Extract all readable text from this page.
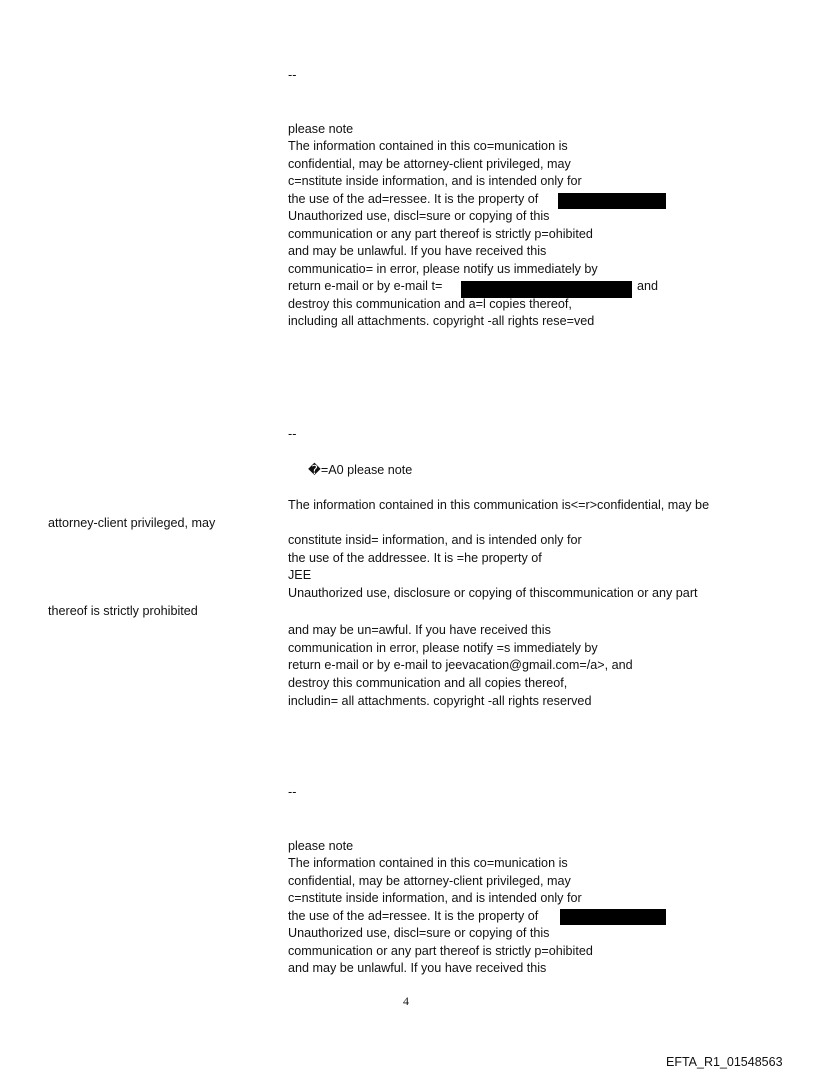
--
please note
The information contained in this co=munication is
confidential, may be attorney-client privileged, may
c=nstitute inside information, and is intended only for
the use of the ad=ressee. It is the property of
Unauthorized use, discl=sure or copying of this
communication or any part thereof is strictly p=ohibited
and may be unlawful. If you have received this
communicatio= in error, please notify us immediately by
return e-mail or by e-mail t=	and
destroy this communication and a=l copies thereof,
including all attachments. copyright -all rights rese=ved
--
�=A0 please note
The information contained in this communication is<=r>confidential, may be
attorney-client privileged, may
constitute insid= information, and is intended only for
the use of the addressee. It is =he property of
JEE
Unauthorized use, disclosure or copying of thiscommunication or any part
thereof is strictly prohibited
and may be un=awful. If you have received this
communication in error, please notify =s immediately by
return e-mail or by e-mail to jeevacation@gmail.com=/a>, and
destroy this communication and all copies thereof,
includin= all attachments. copyright -all rights reserved
--
please note
The information contained in this co=munication is
confidential, may be attorney-client privileged, may
c=nstitute inside information, and is intended only for
the use of the ad=ressee. It is the property of
Unauthorized use, discl=sure or copying of this
communication or any part thereof is strictly p=ohibited
and may be unlawful. If you have received this
4
EFTA_R1_01548563
